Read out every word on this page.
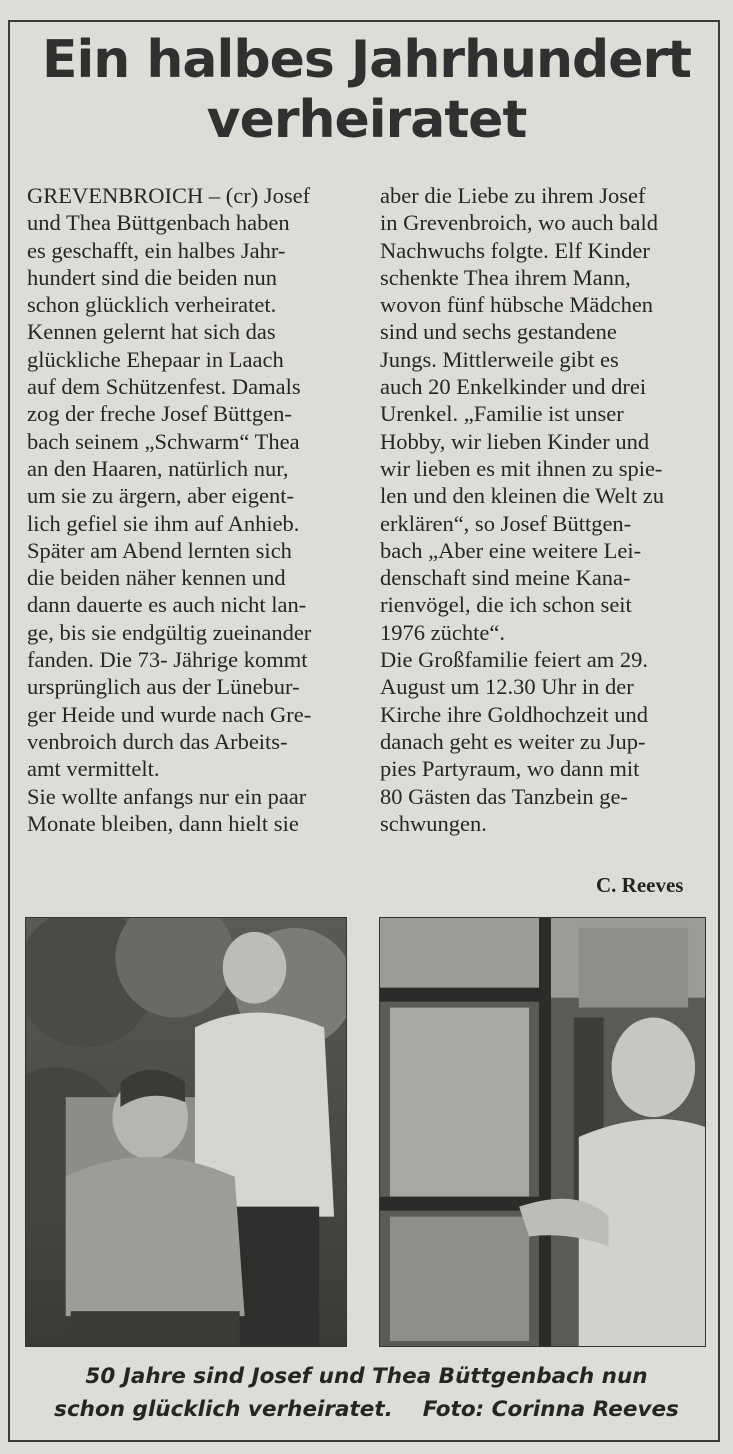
Ein halbes Jahrhundert
verheiratet
GREVENBROICH – (cr) Josef
und Thea Büttgenbach haben
es geschafft, ein halbes Jahr-
hundert sind die beiden nun
schon glücklich verheiratet.
Kennen gelernt hat sich das
glückliche Ehepaar in Laach
auf dem Schützenfest. Damals
zog der freche Josef Büttgen-
bach seinem „Schwarm“ Thea
an den Haaren, natürlich nur,
um sie zu ärgern, aber eigent-
lich gefiel sie ihm auf Anhieb.
Später am Abend lernten sich
die beiden näher kennen und
dann dauerte es auch nicht lan-
ge, bis sie endgültig zueinander
fanden. Die 73- Jährige kommt
ursprünglich aus der Lünebur-
ger Heide und wurde nach Gre-
venbroich durch das Arbeits-
amt vermittelt.
Sie wollte anfangs nur ein paar
Monate bleiben, dann hielt sie
aber die Liebe zu ihrem Josef
in Grevenbroich, wo auch bald
Nachwuchs folgte. Elf Kinder
schenkte Thea ihrem Mann,
wovon fünf hübsche Mädchen
sind und sechs gestandene
Jungs. Mittlerweile gibt es
auch 20 Enkelkinder und drei
Urenkel. „Familie ist unser
Hobby, wir lieben Kinder und
wir lieben es mit ihnen zu spie-
len und den kleinen die Welt zu
erklären“, so Josef Büttgen-
bach „Aber eine weitere Lei-
denschaft sind meine Kana-
rienvögel, die ich schon seit
1976 züchte“.
Die Großfamilie feiert am 29.
August um 12.30 Uhr in der
Kirche ihre Goldhochzeit und
danach geht es weiter zu Jup-
pies Partyraum, wo dann mit
80 Gästen das Tanzbein ge-
schwungen.
C. Reeves
50 Jahre sind Josef und Thea Büttgenbach nun
schon glücklich verheiratet.    Foto: Corinna Reeves
